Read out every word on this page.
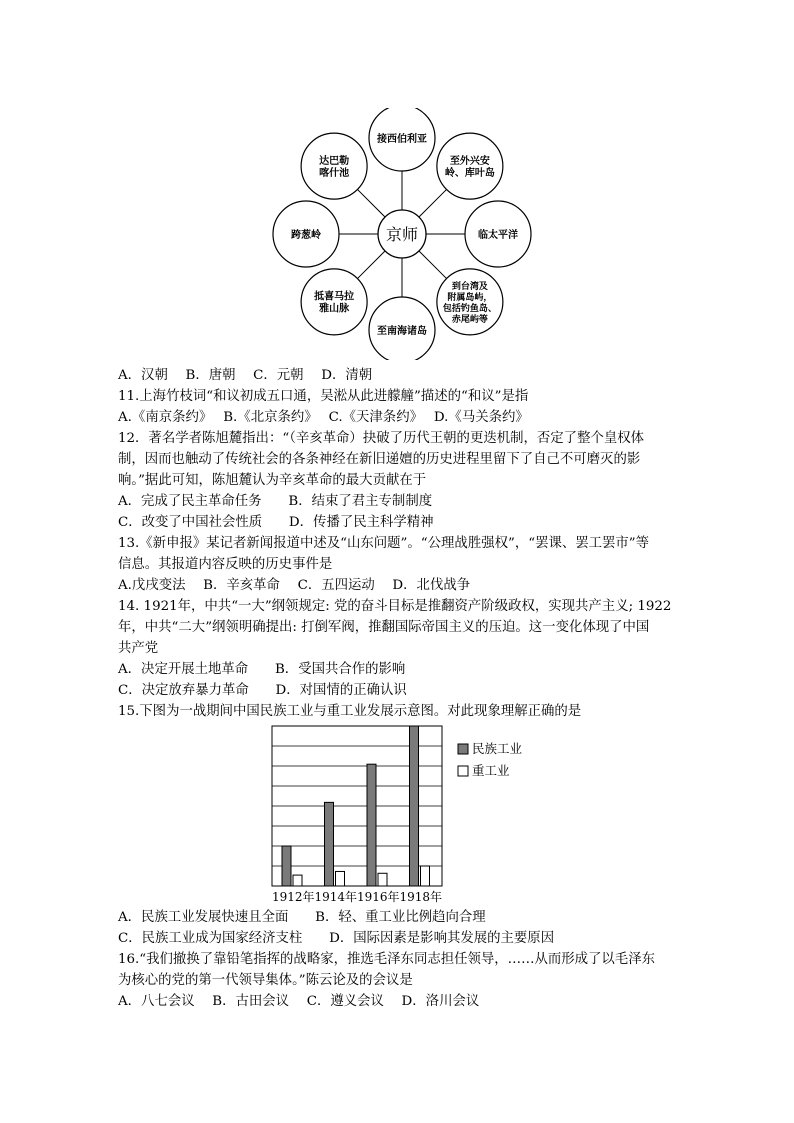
接西伯利亚
至外兴安
岭、库叶岛
临太平洋
到台湾及
附属岛屿，
包括钓鱼岛、
赤尾屿等
至南海诸岛
抵喜马拉
雅山脉
跨葱岭
达巴勒
喀什池
京师
A．汉朝　 B．唐朝　 C．元朝　 D．清朝
11.上海竹枝词“和议初成五口通，吴淞从此进艨艟”描述的“和议”是指
A.《南京条约》　 B.《北京条约》　 C.《天津条约》　 D.《马关条约》
12．著名学者陈旭麓指出：“（辛亥革命）抉破了历代王朝的更迭机制，否定了整个皇权体
制，因而也触动了传统社会的各条神经在新旧递嬗的历史进程里留下了自己不可磨灭的影
响。”据此可知，陈旭麓认为辛亥革命的最大贡献在于
A．完成了民主革命任务　　B．结束了君主专制制度
C．改变了中国社会性质　　D．传播了民主科学精神
13.《新申报》某记者新闻报道中述及“山东问题”。“公理战胜强权”，“罢课、罢工罢市”等
信息。其报道内容反映的历史事件是
A.戊戌变法　 B．辛亥革命　 C．五四运动　 D．北伐战争
14. 1921年，中共“一大”纲领规定: 党的奋斗目标是推翻资产阶级政权，实现共产主义; 1922
年，中共“二大”纲领明确提出: 打倒军阀，推翻国际帝国主义的压迫。这一变化体现了中国
共产党
A．决定开展土地革命　　B．受国共合作的影响
C．决定放弃暴力革命　　D．对国情的正确认识
15.下图为一战期间中国民族工业与重工业发展示意图。对此现象理解正确的是
1912年 1914年 1916年 1918年
民族工业
重工业
A．民族工业发展快速且全面　　B．轻、重工业比例趋向合理
C．民族工业成为国家经济支柱　　D．国际因素是影响其发展的主要原因
16.“我们撤换了靠铅笔指挥的战略家，推选毛泽东同志担任领导，……从而形成了以毛泽东
为核心的党的第一代领导集体。”陈云论及的会议是
A．八七会议　 B．古田会议　 C．遵义会议　 D．洛川会议
